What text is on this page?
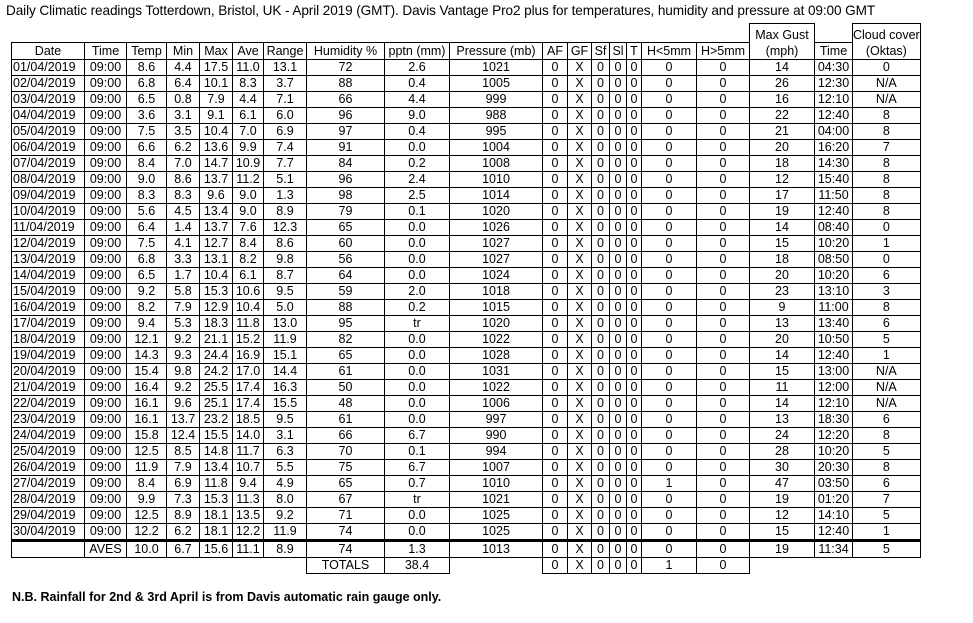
Daily Climatic readings Totterdown, Bristol, UK - April 2019 (GMT). Davis Vantage Pro2 plus for temperatures, humidity and pressure at 09:00 GMT
																	Max Gust		Cloud cover
Date	Time	Temp	Min	Max	Ave	Range	Humidity %	pptn (mm)	Pressure (mb)	AF	GF	Sf	Sl	T	H<5mm	H>5mm	(mph)	Time	(Oktas)
01/04/2019	09:00	8.6	4.4	17.5	11.0	13.1	72	2.6	1021	0	X	0	0	0	0	0	14	04:30	0
02/04/2019	09:00	6.8	6.4	10.1	8.3	3.7	88	0.4	1005	0	X	0	0	0	0	0	26	12:30	N/A
03/04/2019	09:00	6.5	0.8	7.9	4.4	7.1	66	4.4	999	0	X	0	0	0	0	0	16	12:10	N/A
04/04/2019	09:00	3.6	3.1	9.1	6.1	6.0	96	9.0	988	0	X	0	0	0	0	0	22	12:40	8
05/04/2019	09:00	7.5	3.5	10.4	7.0	6.9	97	0.4	995	0	X	0	0	0	0	0	21	04:00	8
06/04/2019	09:00	6.6	6.2	13.6	9.9	7.4	91	0.0	1004	0	X	0	0	0	0	0	20	16:20	7
07/04/2019	09:00	8.4	7.0	14.7	10.9	7.7	84	0.2	1008	0	X	0	0	0	0	0	18	14:30	8
08/04/2019	09:00	9.0	8.6	13.7	11.2	5.1	96	2.4	1010	0	X	0	0	0	0	0	12	15:40	8
09/04/2019	09:00	8.3	8.3	9.6	9.0	1.3	98	2.5	1014	0	X	0	0	0	0	0	17	11:50	8
10/04/2019	09:00	5.6	4.5	13.4	9.0	8.9	79	0.1	1020	0	X	0	0	0	0	0	19	12:40	8
11/04/2019	09:00	6.4	1.4	13.7	7.6	12.3	65	0.0	1026	0	X	0	0	0	0	0	14	08:40	0
12/04/2019	09:00	7.5	4.1	12.7	8.4	8.6	60	0.0	1027	0	X	0	0	0	0	0	15	10:20	1
13/04/2019	09:00	6.8	3.3	13.1	8.2	9.8	56	0.0	1027	0	X	0	0	0	0	0	18	08:50	0
14/04/2019	09:00	6.5	1.7	10.4	6.1	8.7	64	0.0	1024	0	X	0	0	0	0	0	20	10:20	6
15/04/2019	09:00	9.2	5.8	15.3	10.6	9.5	59	2.0	1018	0	X	0	0	0	0	0	23	13:10	3
16/04/2019	09:00	8.2	7.9	12.9	10.4	5.0	88	0.2	1015	0	X	0	0	0	0	0	9	11:00	8
17/04/2019	09:00	9.4	5.3	18.3	11.8	13.0	95	tr	1020	0	X	0	0	0	0	0	13	13:40	6
18/04/2019	09:00	12.1	9.2	21.1	15.2	11.9	82	0.0	1022	0	X	0	0	0	0	0	20	10:50	5
19/04/2019	09:00	14.3	9.3	24.4	16.9	15.1	65	0.0	1028	0	X	0	0	0	0	0	14	12:40	1
20/04/2019	09:00	15.4	9.8	24.2	17.0	14.4	61	0.0	1031	0	X	0	0	0	0	0	15	13:00	N/A
21/04/2019	09:00	16.4	9.2	25.5	17.4	16.3	50	0.0	1022	0	X	0	0	0	0	0	11	12:00	N/A
22/04/2019	09:00	16.1	9.6	25.1	17.4	15.5	48	0.0	1006	0	X	0	0	0	0	0	14	12:10	N/A
23/04/2019	09:00	16.1	13.7	23.2	18.5	9.5	61	0.0	997	0	X	0	0	0	0	0	13	18:30	6
24/04/2019	09:00	15.8	12.4	15.5	14.0	3.1	66	6.7	990	0	X	0	0	0	0	0	24	12:20	8
25/04/2019	09:00	12.5	8.5	14.8	11.7	6.3	70	0.1	994	0	X	0	0	0	0	0	28	10:20	5
26/04/2019	09:00	11.9	7.9	13.4	10.7	5.5	75	6.7	1007	0	X	0	0	0	0	0	30	20:30	8
27/04/2019	09:00	8.4	6.9	11.8	9.4	4.9	65	0.7	1010	0	X	0	0	0	1	0	47	03:50	6
28/04/2019	09:00	9.9	7.3	15.3	11.3	8.0	67	tr	1021	0	X	0	0	0	0	0	19	01:20	7
29/04/2019	09:00	12.5	8.9	18.1	13.5	9.2	71	0.0	1025	0	X	0	0	0	0	0	12	14:10	5
30/04/2019	09:00	12.2	6.2	18.1	12.2	11.9	74	0.0	1025	0	X	0	0	0	0	0	15	12:40	1
	AVES	10.0	6.7	15.6	11.1	8.9	74	1.3	1013	0	X	0	0	0	0	0	19	11:34	5
							TOTALS	38.4		0	X	0	0	0	1	0			
N.B. Rainfall for 2nd & 3rd April is from Davis automatic rain gauge only.
